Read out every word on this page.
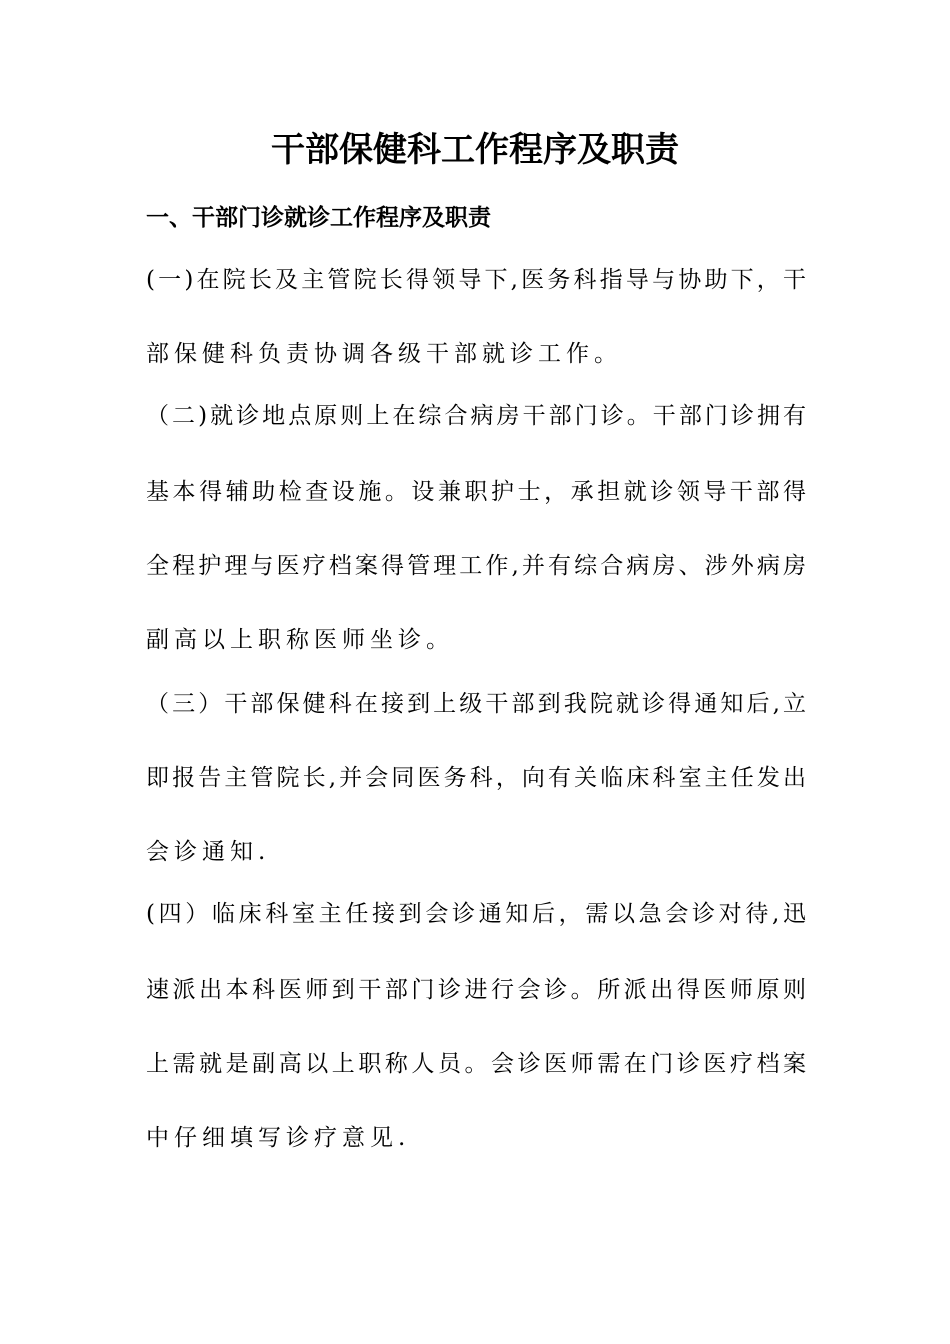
干部保健科工作程序及职责
一、干部门诊就诊工作程序及职责
(一)在院长及主管院长得领导下,医务科指导与协助下，干
部保健科负责协调各级干部就诊工作。
（二)就诊地点原则上在综合病房干部门诊。干部门诊拥有
基本得辅助检查设施。设兼职护士，承担就诊领导干部得
全程护理与医疗档案得管理工作,并有综合病房、涉外病房
副高以上职称医师坐诊。
（三）干部保健科在接到上级干部到我院就诊得通知后,立
即报告主管院长,并会同医务科，向有关临床科室主任发出
会诊通知.
(四）临床科室主任接到会诊通知后，需以急会诊对待,迅
速派出本科医师到干部门诊进行会诊。所派出得医师原则
上需就是副高以上职称人员。会诊医师需在门诊医疗档案
中仔细填写诊疗意见.
